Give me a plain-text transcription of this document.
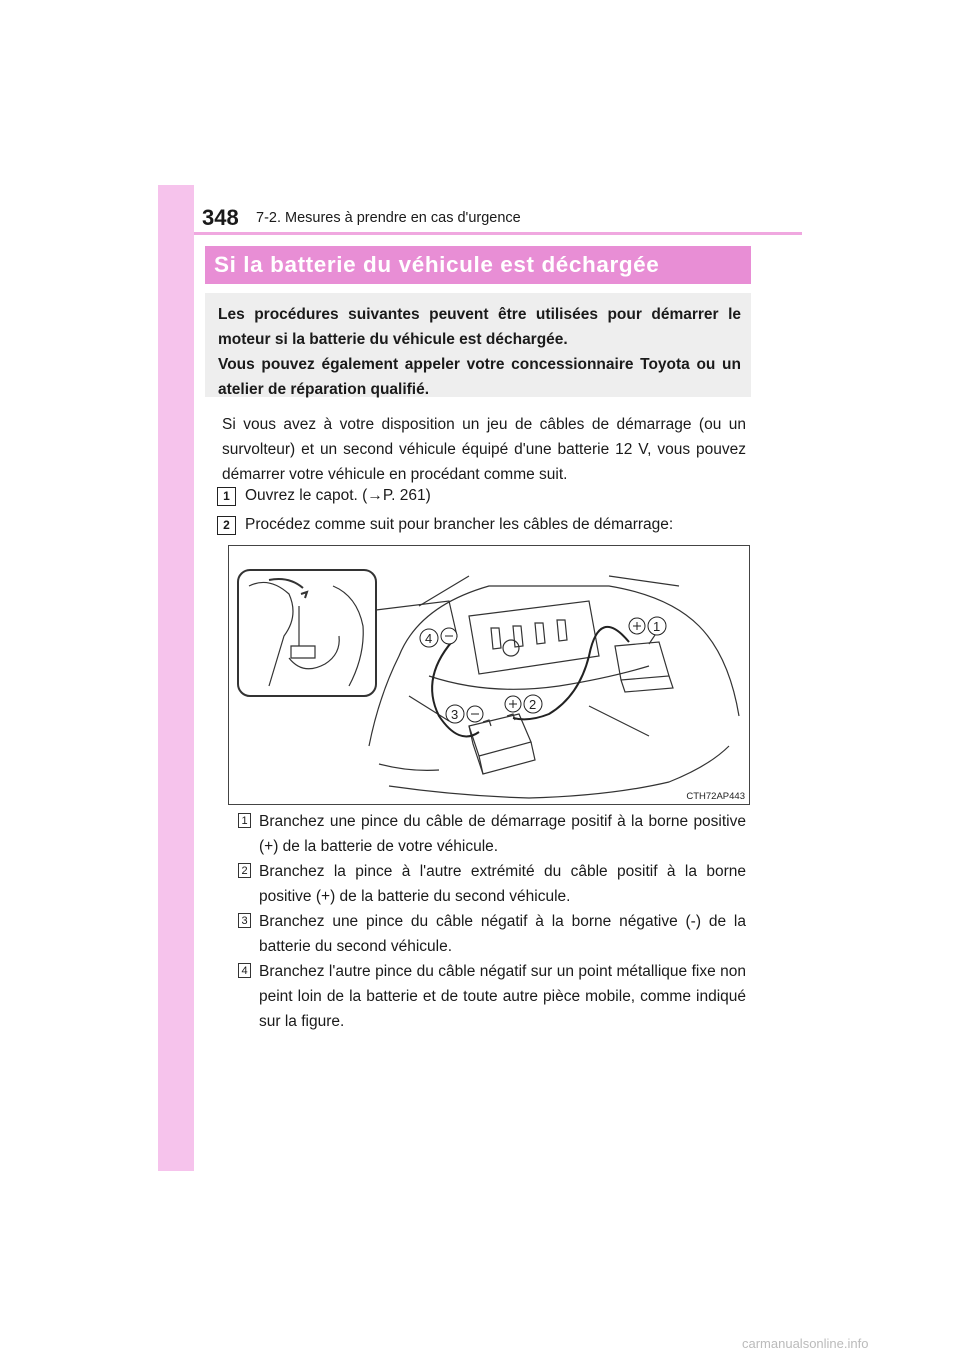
348 7-2. Mesures à prendre en cas d'urgence
Si la batterie du véhicule est déchargée

Les procédures suivantes peuvent être utilisées pour démarrer le moteur si la batterie du véhicule est déchargée.

Vous pouvez également appeler votre concessionnaire Toyota ou un atelier de réparation qualifié.

Si vous avez à votre disposition un jeu de câbles de démarrage (ou un survolteur) et un second véhicule équipé d'une batterie 12 V, vous pouvez démarrer votre véhicule en procédant comme suit.

1 Ouvrez le capot. (→P. 261)
2 Procédez comme suit pour brancher les câbles de démarrage:
1
2
3
4
CTH72AP443
1 Branchez une pince du câble de démarrage positif à la borne positive (+) de la batterie de votre véhicule.
2 Branchez la pince à l'autre extrémité du câble positif à la borne positive (+) de la batterie du second véhicule.
3 Branchez une pince du câble négatif à la borne négative (-) de la batterie du second véhicule.
4 Branchez l'autre pince du câble négatif sur un point métallique fixe non peint loin de la batterie et de toute autre pièce mobile, comme indiqué sur la figure.
carmanualsonline.info
